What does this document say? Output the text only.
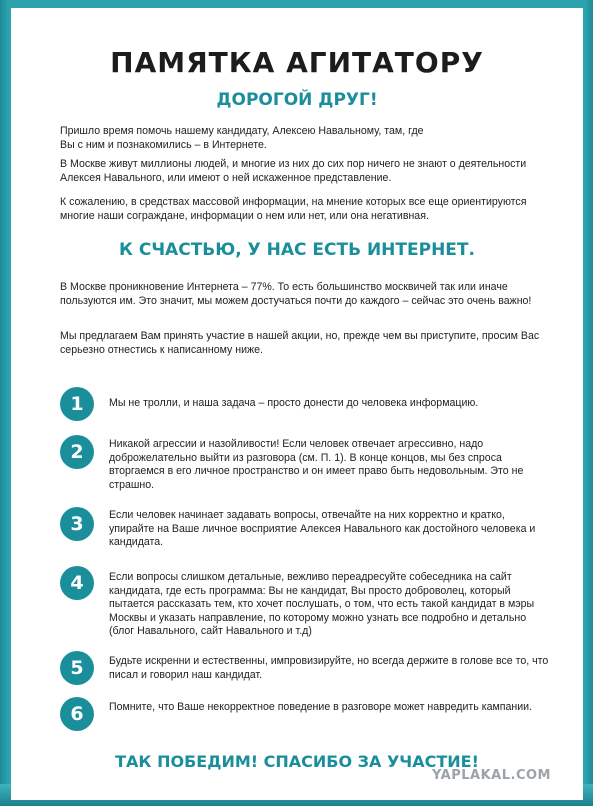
ПАМЯТКА АГИТАТОРУ
ДОРОГОЙ ДРУГ!
Пришло время помочь нашему кандидату, Алексею Навальному, там, где Вы с ним и познакомились – в Интернете.
В Москве живут миллионы людей, и многие из них до сих пор ничего не знают о деятельности Алексея Навального, или имеют о ней искаженное представление.
К сожалению, в средствах массовой информации, на мнение которых все еще ориентируются многие наши сограждане, информации о нем или нет, или она негативная.
К СЧАСТЬЮ, У НАС ЕСТЬ ИНТЕРНЕТ.
В Москве проникновение Интернета – 77%. То есть большинство москвичей так или иначе пользуются им. Это значит, мы можем достучаться почти до каждого – сейчас это очень важно!
Мы предлагаем Вам принять участие в нашей акции, но, прежде чем вы приступите, просим Вас серьезно отнестись к написанному ниже.
1	Мы не тролли, и наша задача – просто донести до человека информацию.
2	Никакой агрессии и назойливости! Если человек отвечает агрессивно, надо доброжелательно выйти из разговора (см. П. 1). В конце концов, мы без спроса вторгаемся в его личное пространство и он имеет право быть недовольным. Это не страшно.
3	Если человек начинает задавать вопросы, отвечайте на них корректно и кратко, упирайте на Ваше личное восприятие Алексея Навального как достойного человека и кандидата.
4	Если вопросы слишком детальные, вежливо переадресуйте собеседника на сайт кандидата, где есть программа: Вы не кандидат, Вы просто доброволец, который пытается рассказать тем, кто хочет послушать, о том, что есть такой кандидат в мэры Москвы и указать направление, по которому можно узнать все подробно и детально (блог Навального, сайт Навального и т.д)
5	Будьте искренни и естественны, импровизируйте, но всегда держите в голове все то, что писал и говорил наш кандидат.
6	Помните, что Ваше некорректное поведение в разговоре может навредить кампании.
ТАК ПОБЕДИМ! СПАСИБО ЗА УЧАСТИЕ!
YAPLAKAL.COM
